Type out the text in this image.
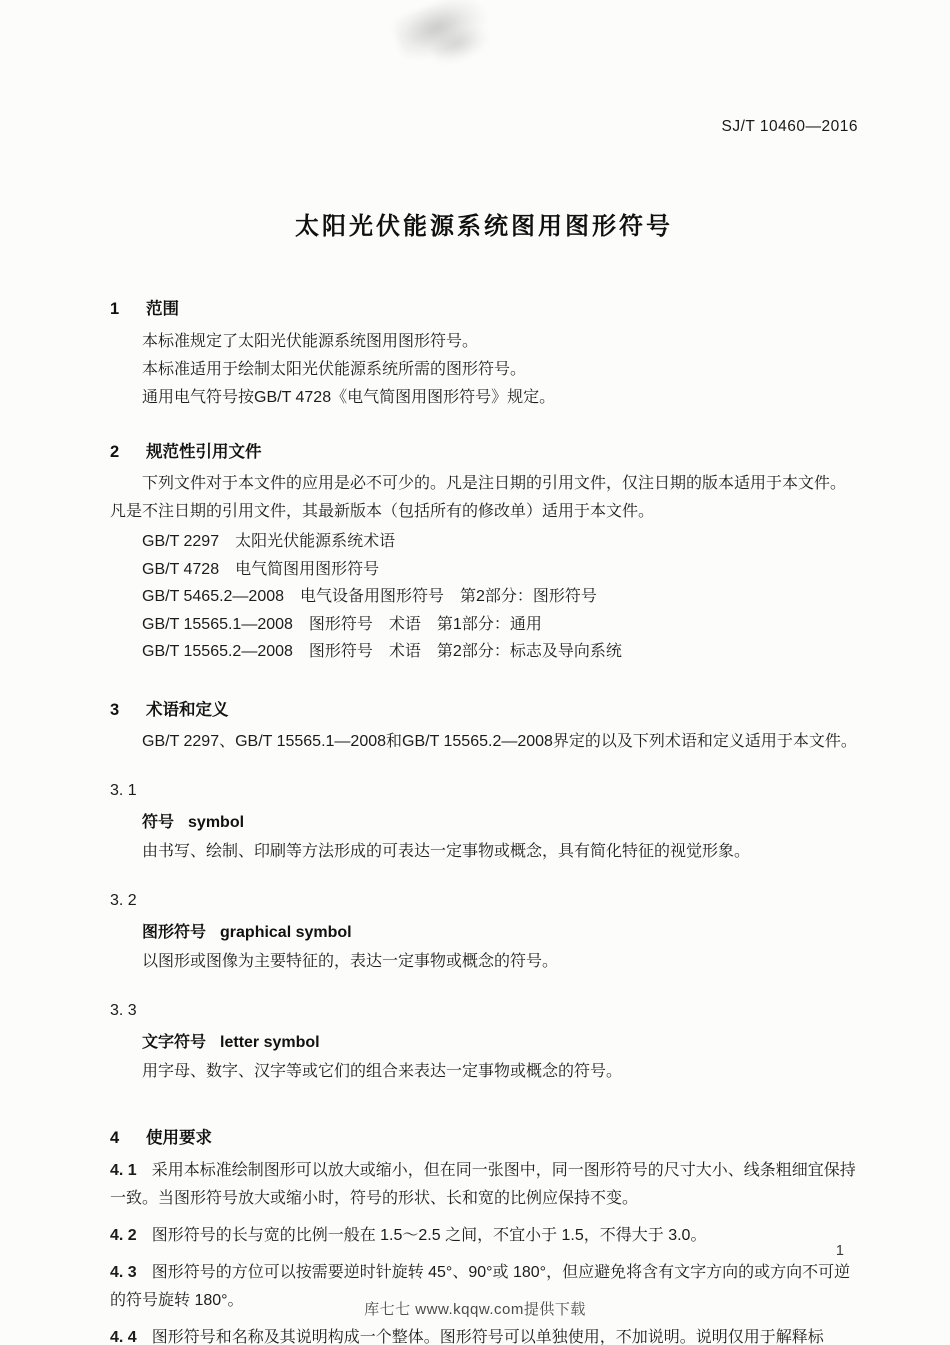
SJ/T 10460—2016
太阳光伏能源系统图用图形符号
1 范围

本标准规定了太阳光伏能源系统图用图形符号。

本标准适用于绘制太阳光伏能源系统所需的图形符号。

通用电气符号按GB/T 4728《电气简图用图形符号》规定。

2 规范性引用文件

下列文件对于本文件的应用是必不可少的。凡是注日期的引用文件，仅注日期的版本适用于本文件。凡是不注日期的引用文件，其最新版本（包括所有的修改单）适用于本文件。

GB/T 2297　太阳光伏能源系统术语

GB/T 4728　电气简图用图形符号

GB/T 5465.2—2008　电气设备用图形符号　第2部分：图形符号

GB/T 15565.1—2008　图形符号　术语　第1部分：通用

GB/T 15565.2—2008　图形符号　术语　第2部分：标志及导向系统

3 术语和定义

GB/T 2297、GB/T 15565.1—2008和GB/T 15565.2—2008界定的以及下列术语和定义适用于本文件。

3. 1

符号 symbol

由书写、绘制、印刷等方法形成的可表达一定事物或概念，具有简化特征的视觉形象。

3. 2

图形符号 graphical symbol

以图形或图像为主要特征的，表达一定事物或概念的符号。

3. 3

文字符号 letter symbol

用字母、数字、汉字等或它们的组合来表达一定事物或概念的符号。

4 使用要求

4. 1 采用本标准绘制图形可以放大或缩小，但在同一张图中，同一图形符号的尺寸大小、线条粗细宜保持一致。当图形符号放大或缩小时，符号的形状、长和宽的比例应保持不变。

4. 2 图形符号的长与宽的比例一般在 1.5～2.5 之间，不宜小于 1.5，不得大于 3.0。

4. 3 图形符号的方位可以按需要逆时针旋转 45°、90°或 180°，但应避免将含有文字方向的或方向不可逆的符号旋转 180°。

4. 4 图形符号和名称及其说明构成一个整体。图形符号可以单独使用，不加说明。说明仅用于解释标

1
库七七 www.kqqw.com提供下载
